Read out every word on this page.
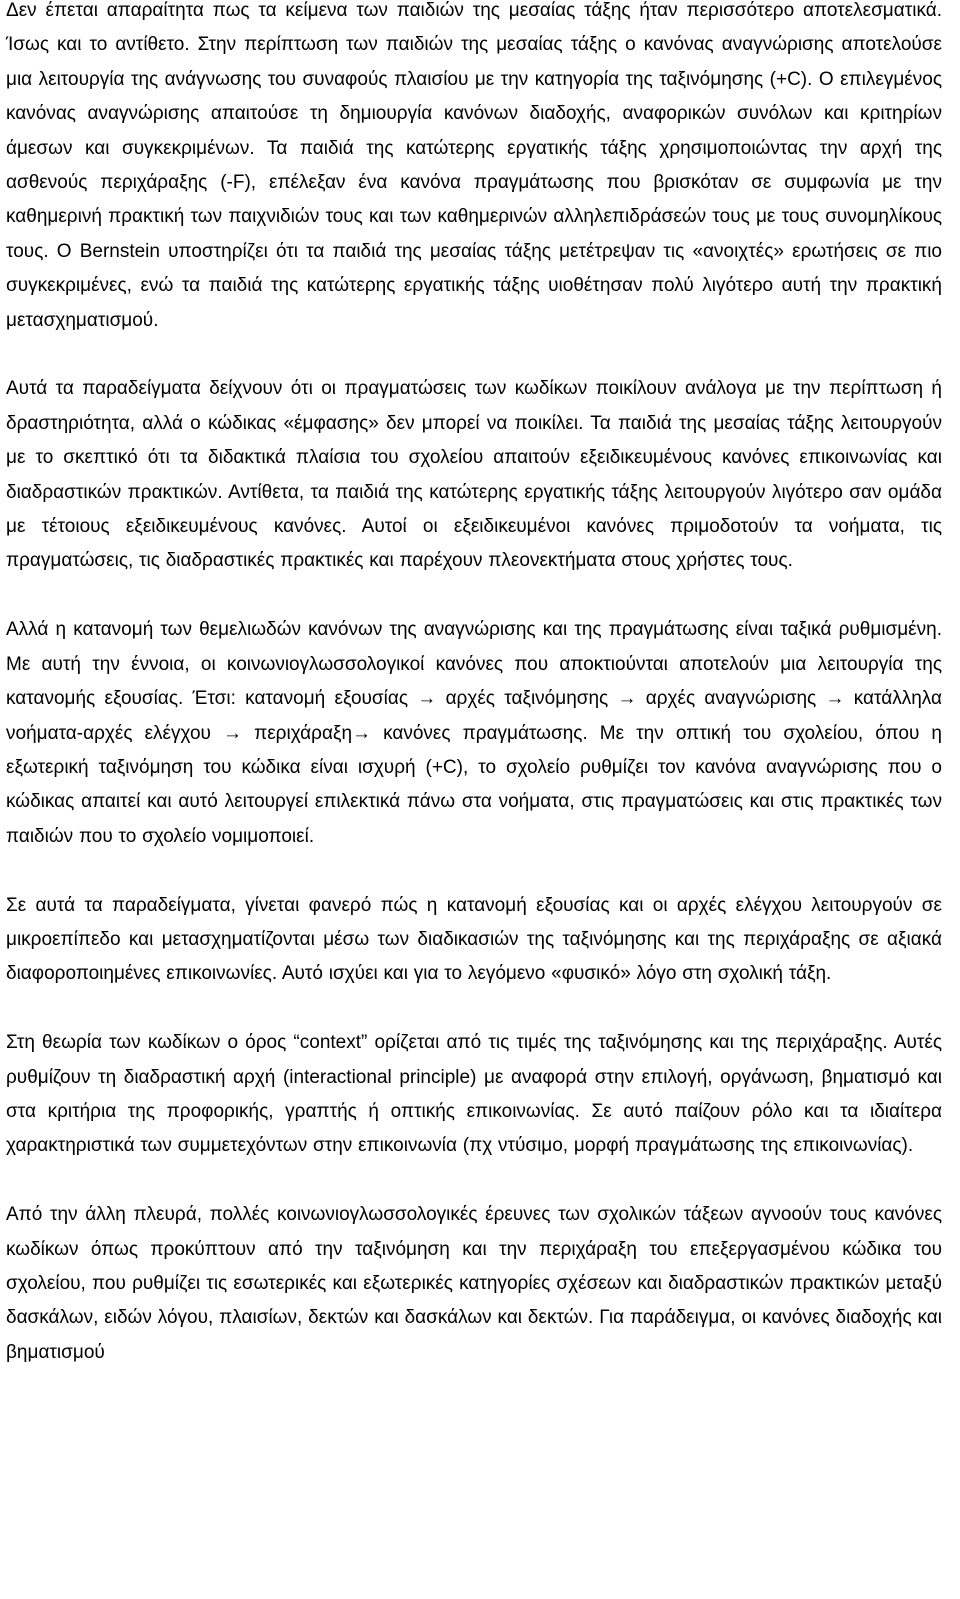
Δεν έπεται απαραίτητα πως τα κείμενα των παιδιών της μεσαίας τάξης ήταν περισσότερο αποτελεσματικά. Ίσως και το αντίθετο. Στην περίπτωση των παιδιών της μεσαίας τάξης ο κανόνας αναγνώρισης αποτελούσε μια λειτουργία της ανάγνωσης του συναφούς πλαισίου με την κατηγορία της ταξινόμησης (+C). Ο επιλεγμένος κανόνας αναγνώρισης απαιτούσε τη δημιουργία κανόνων διαδοχής, αναφορικών συνόλων και κριτηρίων άμεσων και συγκεκριμένων. Τα παιδιά της κατώτερης εργατικής τάξης χρησιμοποιώντας την αρχή της ασθενούς περιχάραξης (-F), επέλεξαν ένα κανόνα πραγμάτωσης που βρισκόταν σε συμφωνία με την καθημερινή πρακτική των παιχνιδιών τους και των καθημερινών αλληλεπιδράσεών τους με τους συνομηλίκους τους. Ο Bernstein υποστηρίζει ότι τα παιδιά της μεσαίας τάξης μετέτρεψαν τις «ανοιχτές» ερωτήσεις σε πιο συγκεκριμένες, ενώ τα παιδιά της κατώτερης εργατικής τάξης υιοθέτησαν πολύ λιγότερο αυτή την πρακτική μετασχηματισμού.

Αυτά τα παραδείγματα δείχνουν ότι οι πραγματώσεις των κωδίκων ποικίλουν ανάλογα με την περίπτωση ή δραστηριότητα, αλλά ο κώδικας «έμφασης» δεν μπορεί να ποικίλει. Τα παιδιά της μεσαίας τάξης λειτουργούν με το σκεπτικό ότι τα διδακτικά πλαίσια του σχολείου απαιτούν εξειδικευμένους κανόνες επικοινωνίας και διαδραστικών πρακτικών. Αντίθετα, τα παιδιά της κατώτερης εργατικής τάξης λειτουργούν λιγότερο σαν ομάδα με τέτοιους εξειδικευμένους κανόνες. Αυτοί οι εξειδικευμένοι κανόνες πριμοδοτούν τα νοήματα, τις πραγματώσεις, τις διαδραστικές πρακτικές και παρέχουν πλεονεκτήματα στους χρήστες τους.

Αλλά η κατανομή των θεμελιωδών κανόνων της αναγνώρισης και της πραγμάτωσης είναι ταξικά ρυθμισμένη. Με αυτή την έννοια, οι κοινωνιογλωσσολογικοί κανόνες που αποκτιούνται αποτελούν μια λειτουργία της κατανομής εξουσίας. Έτσι: κατανομή εξουσίας → αρχές ταξινόμησης → αρχές αναγνώρισης → κατάλληλα νοήματα-αρχές ελέγχου → περιχάραξη→ κανόνες πραγμάτωσης. Με την οπτική του σχολείου, όπου η εξωτερική ταξινόμηση του κώδικα είναι ισχυρή (+C), το σχολείο ρυθμίζει τον κανόνα αναγνώρισης που ο κώδικας απαιτεί και αυτό λειτουργεί επιλεκτικά πάνω στα νοήματα, στις πραγματώσεις και στις πρακτικές των παιδιών που το σχολείο νομιμοποιεί.

Σε αυτά τα παραδείγματα, γίνεται φανερό πώς η κατανομή εξουσίας και οι αρχές ελέγχου λειτουργούν σε μικροεπίπεδο και μετασχηματίζονται μέσω των διαδικασιών της ταξινόμησης και της περιχάραξης σε αξιακά διαφοροποιημένες επικοινωνίες. Αυτό ισχύει και για το λεγόμενο «φυσικό» λόγο στη σχολική τάξη.

Στη θεωρία των κωδίκων ο όρος “context” ορίζεται από τις τιμές της ταξινόμησης και της περιχάραξης. Αυτές ρυθμίζουν τη διαδραστική αρχή (interactional principle) με αναφορά στην επιλογή, οργάνωση, βηματισμό και στα κριτήρια της προφορικής, γραπτής ή οπτικής επικοινωνίας. Σε αυτό παίζουν ρόλο και τα ιδιαίτερα χαρακτηριστικά των συμμετεχόντων στην επικοινωνία (πχ ντύσιμο, μορφή πραγμάτωσης της επικοινωνίας).

Από την άλλη πλευρά, πολλές κοινωνιογλωσσολογικές έρευνες των σχολικών τάξεων αγνοούν τους κανόνες κωδίκων όπως προκύπτουν από την ταξινόμηση και την περιχάραξη του επεξεργασμένου κώδικα του σχολείου, που ρυθμίζει τις εσωτερικές και εξωτερικές κατηγορίες σχέσεων και διαδραστικών πρακτικών μεταξύ δασκάλων, ειδών λόγου, πλαισίων, δεκτών και δασκάλων και δεκτών. Για παράδειγμα, οι κανόνες διαδοχής και βηματισμού
